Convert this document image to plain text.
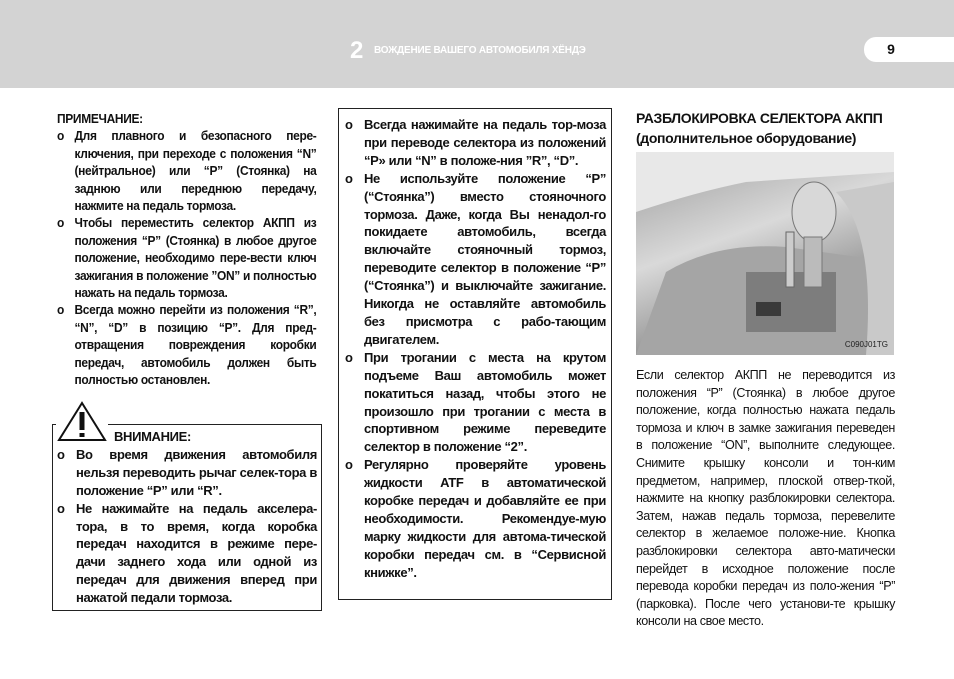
2 ВОЖДЕНИЕ ВАШЕГО АВТОМОБИЛЯ ХЁНДЭ	9

ПРИМЕЧАНИЕ:

o Для плавного и безопасного пере-ключения, при переходе с положения “N” (нейтральное) или “P” (Стоянка) на заднюю или переднюю передачу, нажмите на педаль тормоза.
o Чтобы переместить селектор АКПП из положения “P” (Стоянка) в любое другое положение, необходимо пере-вести ключ зажигания в положение ”ON” и полностью нажать на педаль тормоза.
o Всегда можно перейти из положения “R”, “N”, “D” в позицию “P”. Для пред-отвращения повреждения коробки передач, автомобиль должен быть полностью остановлен.

ВНИМАНИЕ:

o Во время движения автомобиля нельзя переводить рычаг селек-тора в положение “P” или “R”.
o Не нажимайте на педаль акселера-тора, в то время, когда коробка передач находится в режиме пере-дачи заднего хода или одной из передач для движения вперед при нажатой педали тормоза.
o Всегда нажимайте на педаль тор-моза при переводе селектора из положений “P» или “N” в положе-ния ”R”, “D”.
o Не используйте положение “P” (“Стоянка”) вместо стояночного тормоза. Даже, когда Вы ненадол-го покидаете автомобиль, всегда включайте стояночный тормоз, переводите селектор в положение “P” (“Стоянка”) и выключайте зажигание. Никогда не оставляйте автомобиль без присмотра с рабо-тающим двигателем.
o При трогании с места на крутом подъеме Ваш автомобиль может покатиться назад, чтобы этого не произошло при трогании с места в спортивном режиме переведите селектор в положение “2”.
o Регулярно проверяйте уровень жидкости ATF в автоматической коробке передач и добавляйте ее при необходимости. Рекомендуе-мую марку жидкости для автома-тической коробки передач см. в “Сервисной книжке”.

РАЗБЛОКИРОВКА СЕЛЕКТОРА АКПП

(дополнительное оборудование)

C090J01TG

Если селектор АКПП не переводится из положения “P” (Стоянка) в любое другое положение, когда полностью нажата педаль тормоза и ключ в замке зажигания переведен в положение “ON”, выполните следующее. Снимите крышку консоли и тон-ким предметом, например, плоской отвер-ткой, нажмите на кнопку разблокировки селектора. Затем, нажав педаль тормоза, перевелите селектор в желаемое положе-ние. Кнопка разблокировки селектора авто-матически перейдет в исходное положение после перевода коробки передач из поло-жения “P” (парковка). После чего установи-те крышку консоли на свое место.
